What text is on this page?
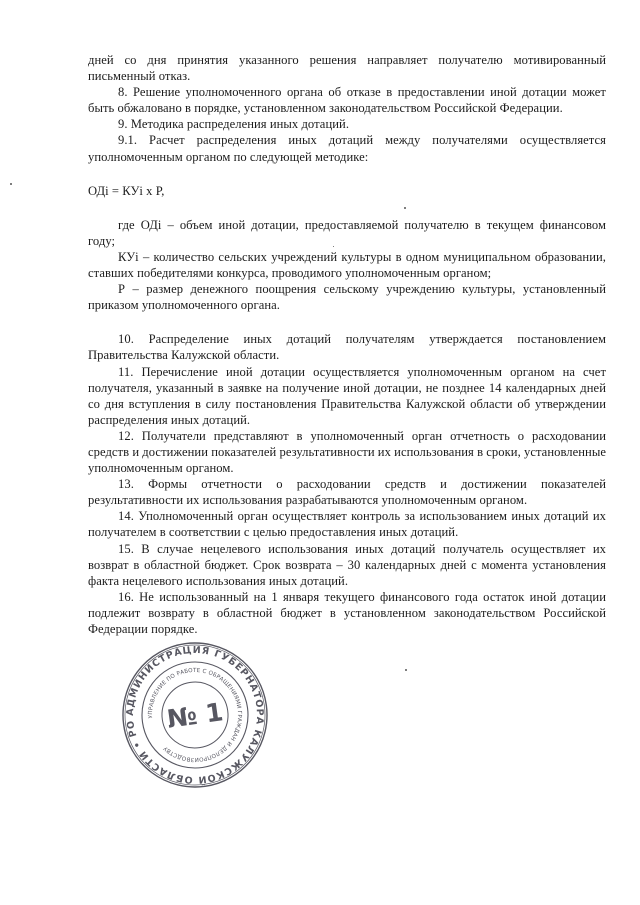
дней со дня принятия указанного решения направляет получателю мотивированный письменный отказ.

8. Решение уполномоченного органа об отказе в предоставлении иной дотации может быть обжаловано в порядке, установленном законодательством Российской Федерации.

9. Методика распределения иных дотаций.

9.1. Расчет распределения иных дотаций между получателями осуществляется уполномоченным органом по следующей методике:

ОДi = КУi х Р,

где ОДi – объем иной дотации, предоставляемой получателю в текущем финансовом году;

КУi – количество сельских учреждений культуры в одном муниципальном образовании, ставших победителями конкурса, проводимого уполномоченным органом;

Р – размер денежного поощрения сельскому учреждению культуры, установленный приказом уполномоченного органа.

10. Распределение иных дотаций получателям утверждается постановлением Правительства Калужской области.

11. Перечисление иной дотации осуществляется уполномоченным органом на счет получателя, указанный в заявке на получение иной дотации, не позднее 14 календарных дней со дня вступления в силу постановления Правительства Калужской области об утверждении распределения иных дотаций.

12. Получатели представляют в уполномоченный орган отчетность о расходовании средств и достижении показателей результативности их использования в сроки, установленные уполномоченным органом.

13. Формы отчетности о расходовании средств и достижении показателей результативности их использования разрабатываются уполномоченным органом.

14. Уполномоченный орган осуществляет контроль за использованием иных дотаций их получателем в соответствии с целью предоставления иных дотаций.

15. В случае нецелевого использования иных дотаций получатель осуществляет их возврат в областной бюджет. Срок возврата – 30 календарных дней с момента установления факта нецелевого использования иных дотаций.

16. Не использованный на 1 января текущего финансового года остаток иной дотации подлежит возврату в областной бюджет в установленном законодательством Российской Федерации порядке.

АДМИНИСТРАЦИЯ ГУБЕРНАТОРА КАЛУЖСКОЙ ОБЛАСТИ • РОССИЙСКАЯ
УПРАВЛЕНИЕ ПО РАБОТЕ С ОБРАЩЕНИЯМИ ГРАЖДАН И ДЕЛОПРОИЗВОДСТВУ
№ 1
